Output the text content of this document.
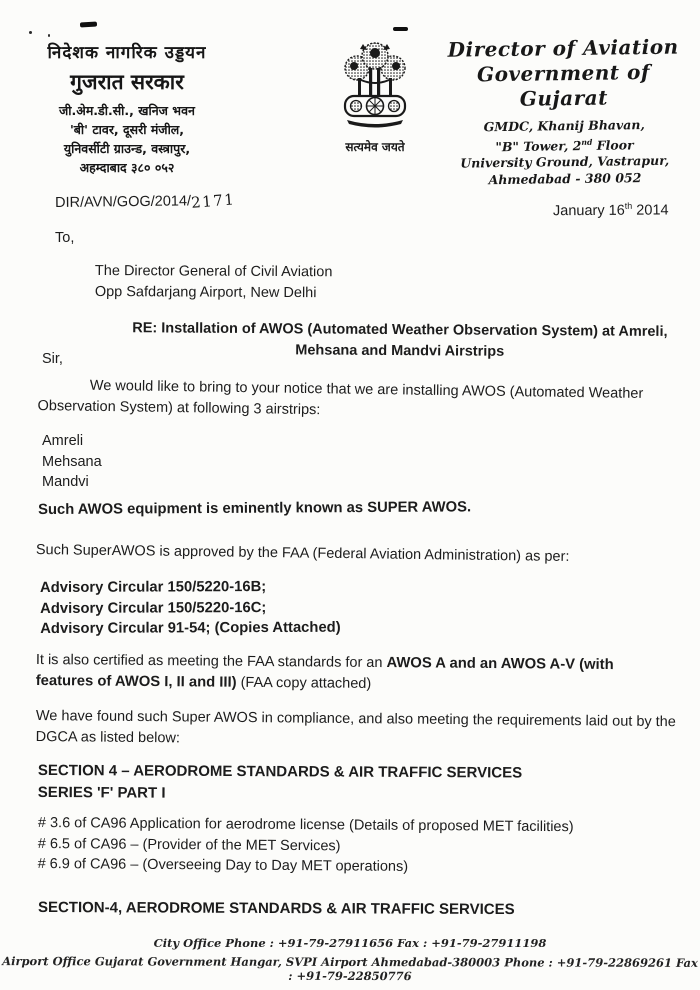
निदेशक नागरिक उड्डयन
गुजरात सरकार
जी.अेम.डी.सी., खनिज भवन
'बी' टावर, दूसरी मंजील,
युनिवर्सीटी ग्राउन्ड, वस्त्रापुर,
अहम्दाबाद ३८० ०५२
सत्यमेव जयते
Director of Aviation
Government of Gujarat
GMDC, Khanij Bhavan,
"B" Tower, 2nd Floor
University Ground, Vastrapur,
Ahmedabad - 380 052
DIR/AVN/GOG/2014/2171	January 16th 2014
To,
The Director General of Civil Aviation
Opp Safdarjang Airport, New Delhi
RE: Installation of AWOS (Automated Weather Observation System) at Amreli,
Mehsana and Mandvi Airstrips
Sir,
We would like to bring to your notice that we are installing AWOS (Automated Weather Observation System) at following 3 airstrips:
Amreli
Mehsana
Mandvi
Such AWOS equipment is eminently known as SUPER AWOS.
Such SuperAWOS is approved by the FAA (Federal Aviation Administration) as per:
Advisory Circular 150/5220-16B;
Advisory Circular 150/5220-16C;
Advisory Circular 91-54; (Copies Attached)
It is also certified as meeting the FAA standards for an AWOS A and an AWOS A-V (with features of AWOS I, II and III) (FAA copy attached)
We have found such Super AWOS in compliance, and also meeting the requirements laid out by the DGCA as listed below:
SECTION 4 – AERODROME STANDARDS & AIR TRAFFIC SERVICES
SERIES 'F' PART I
# 3.6 of CA96 Application for aerodrome license (Details of proposed MET facilities)
# 6.5 of CA96 – (Provider of the MET Services)
# 6.9 of CA96 – (Overseeing Day to Day MET operations)
SECTION-4, AERODROME STANDARDS & AIR TRAFFIC SERVICES
City Office Phone : +91-79-27911656 Fax : +91-79-27911198
Airport Office Gujarat Government Hangar, SVPI Airport Ahmedabad-380003 Phone : +91-79-22869261 Fax : +91-79-22850776
